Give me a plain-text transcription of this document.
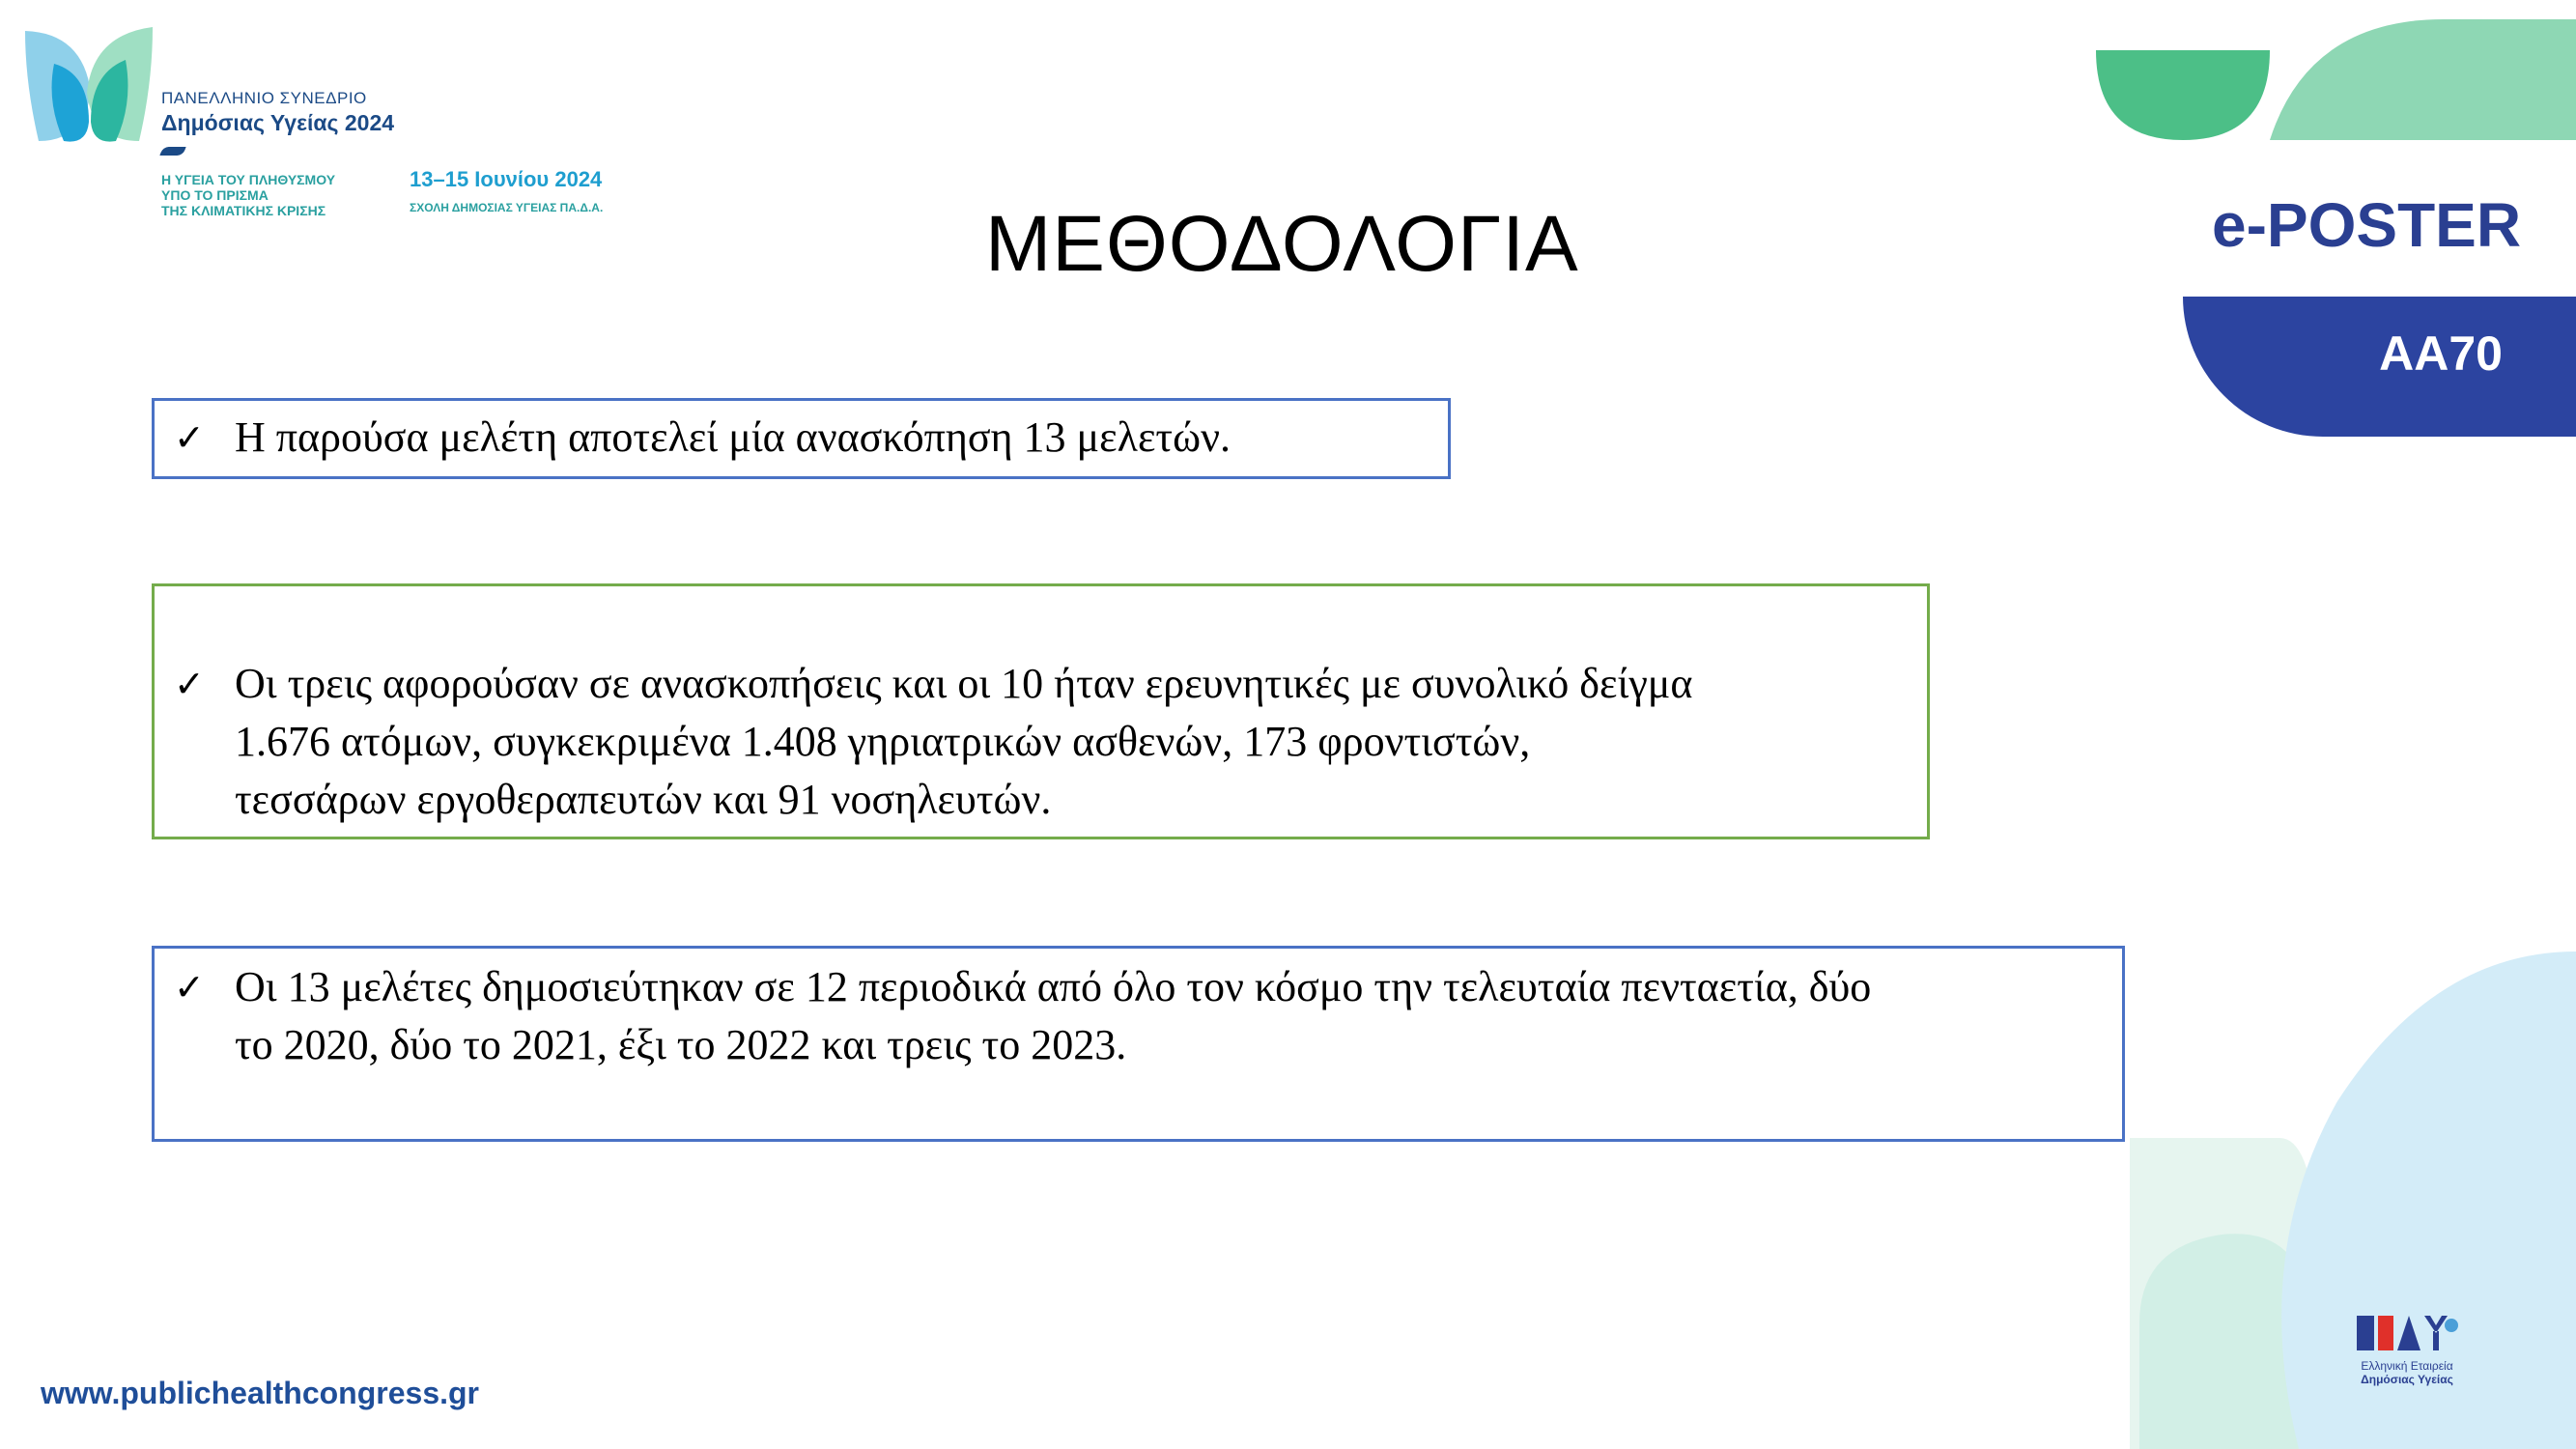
ΠΑΝΕΛΛΗΝΙΟ ΣΥΝΕΔΡΙΟ
Δημόσιας Υγείας 2024
Η ΥΓΕΙΑ ΤΟΥ ΠΛΗΘΥΣΜΟΥ
ΥΠΟ ΤΟ ΠΡΙΣΜΑ
ΤΗΣ ΚΛΙΜΑΤΙΚΗΣ ΚΡΙΣΗΣ
13–15 Ιουνίου 2024
ΣΧΟΛΗ ΔΗΜΟΣΙΑΣ ΥΓΕΙΑΣ ΠΑ.Δ.Α.	ΜΕΘΟΔΟΛΟΓΙΑ	e-POSTER
ΑΑ70
✓ Η παρούσα μελέτη αποτελεί μία ανασκόπηση 13 μελετών.
✓ Οι τρεις αφορούσαν σε ανασκοπήσεις και οι 10 ήταν ερευνητικές με συνολικό δείγμα
1.676 ατόμων, συγκεκριμένα 1.408 γηριατρικών ασθενών, 173 φροντιστών,
τεσσάρων εργοθεραπευτών και 91 νοσηλευτών.
✓ Οι 13 μελέτες δημοσιεύτηκαν σε 12 περιοδικά από όλο τον κόσμο την τελευταία πενταετία, δύο
το 2020, δύο το 2021, έξι το 2022 και τρεις το 2023.
www.publichealthcongress.gr
Ελληνική Εταιρεία
Δημόσιας Υγείας
